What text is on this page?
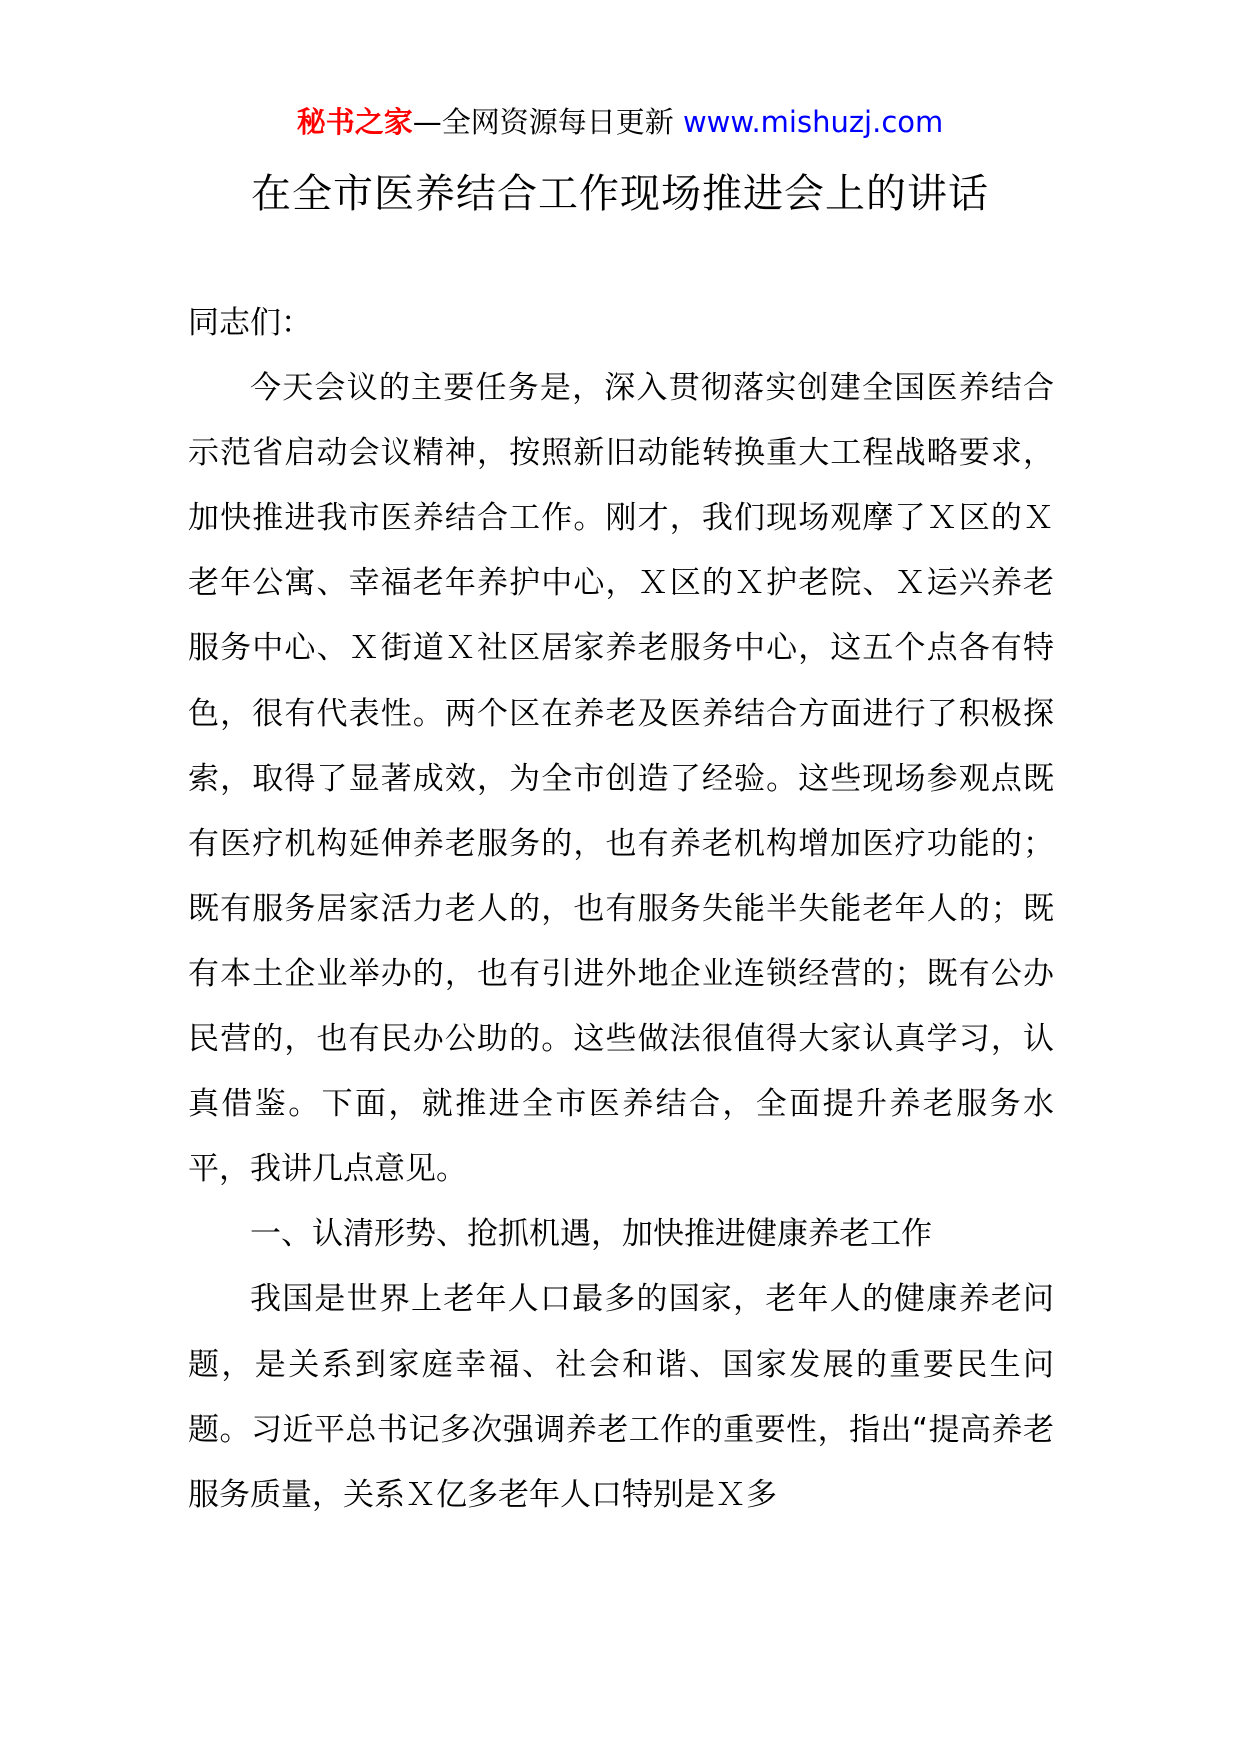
秘书之家—全网资源每日更新 www.mishuzj.com
在全市医养结合工作现场推进会上的讲话

同志们：

今天会议的主要任务是，深入贯彻落实创建全国医养结合示范省启动会议精神，按照新旧动能转换重大工程战略要求，加快推进我市医养结合工作。刚才，我们现场观摩了Ｘ区的Ｘ老年公寓、幸福老年养护中心，Ｘ区的Ｘ护老院、Ｘ运兴养老服务中心、Ｘ街道Ｘ社区居家养老服务中心，这五个点各有特色，很有代表性。两个区在养老及医养结合方面进行了积极探索，取得了显著成效，为全市创造了经验。这些现场参观点既有医疗机构延伸养老服务的，也有养老机构增加医疗功能的；既有服务居家活力老人的，也有服务失能半失能老年人的；既有本土企业举办的，也有引进外地企业连锁经营的；既有公办民营的，也有民办公助的。这些做法很值得大家认真学习，认真借鉴。下面，就推进全市医养结合，全面提升养老服务水平，我讲几点意见。

一、认清形势、抢抓机遇，加快推进健康养老工作

我国是世界上老年人口最多的国家，老年人的健康养老问题，是关系到家庭幸福、社会和谐、国家发展的重要民生问题。习近平总书记多次强调养老工作的重要性，指出“提高养老服务质量，关系Ｘ亿多老年人口特别是Ｘ多
